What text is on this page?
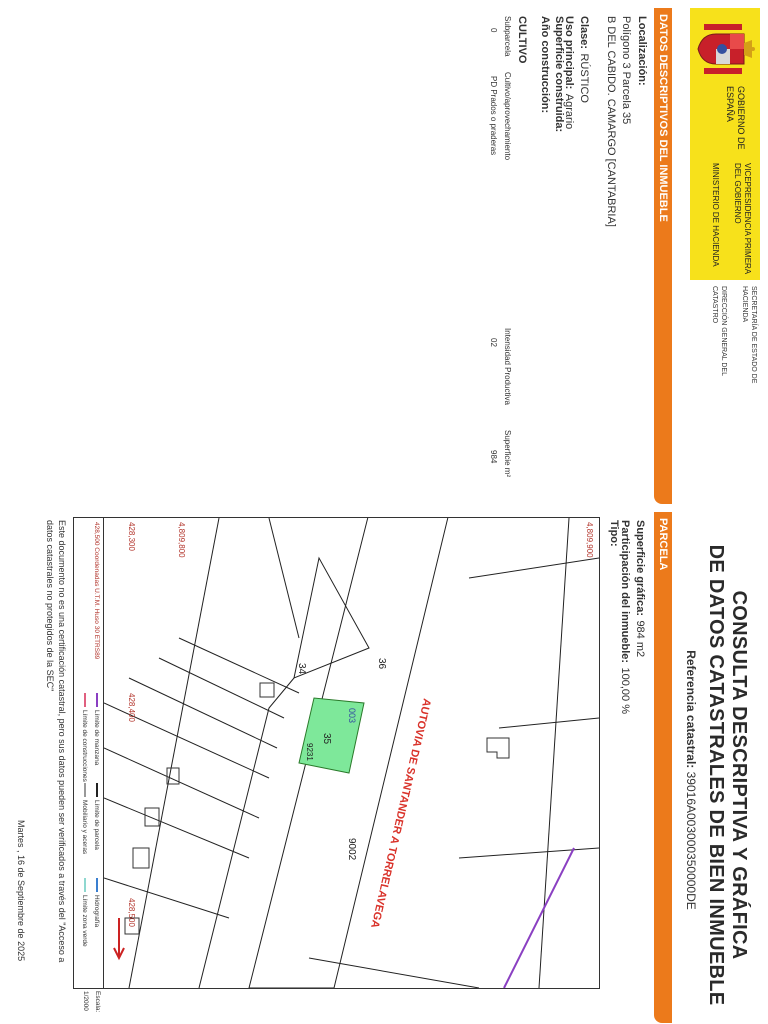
GOBIERNO DE ESPAÑA
VICEPRESIDENCIA PRIMERA DEL GOBIERNO
MINISTERIO DE HACIENDA
SECRETARÍA DE ESTADO DE HACIENDA
DIRECCIÓN GENERAL DEL CATASTRO
CONSULTA DESCRIPTIVA Y GRÁFICA
DE DATOS CATASTRALES DE BIEN INMUEBLE
Referencia catastral: 39016A003000350000DE
DATOS DESCRIPTIVOS DEL INMUEBLE
PARCELA
Localización:
Polígono 3 Parcela 35
B DEL CABIDO. CAMARGO [CANTABRIA]
Clase: RÚSTICO
Uso principal: Agrario
Superficie construida:
Año construcción:
CULTIVO
Subparcela
Cultivo/aprovechamiento
Intensidad Productiva
Superficie m²
0
PD Prados o praderas
02
984
Superficie gráfica: 984 m2
Participación del inmueble: 100,00 %
Tipo:
AUTOVIA DE SANTANDER A TORRELAVEGA
36
35
34
9002
003
9231
428,300
428,400
428,500
4,809,900
4,809,800
428,500 Coordenadas U.T.M. Huso 30 ETRS89
Límite de manzana
Límite de parcela
Hidrografía
Límite de construcciones
Mobiliario y aceras
Límite zona verde
Escala:
1/2000
Este documento no es una certificación catastral, pero sus datos pueden ser verificados a través del "Acceso a datos catastrales no protegidos de la SEC"
Martes , 16 de Septiembre de 2025
